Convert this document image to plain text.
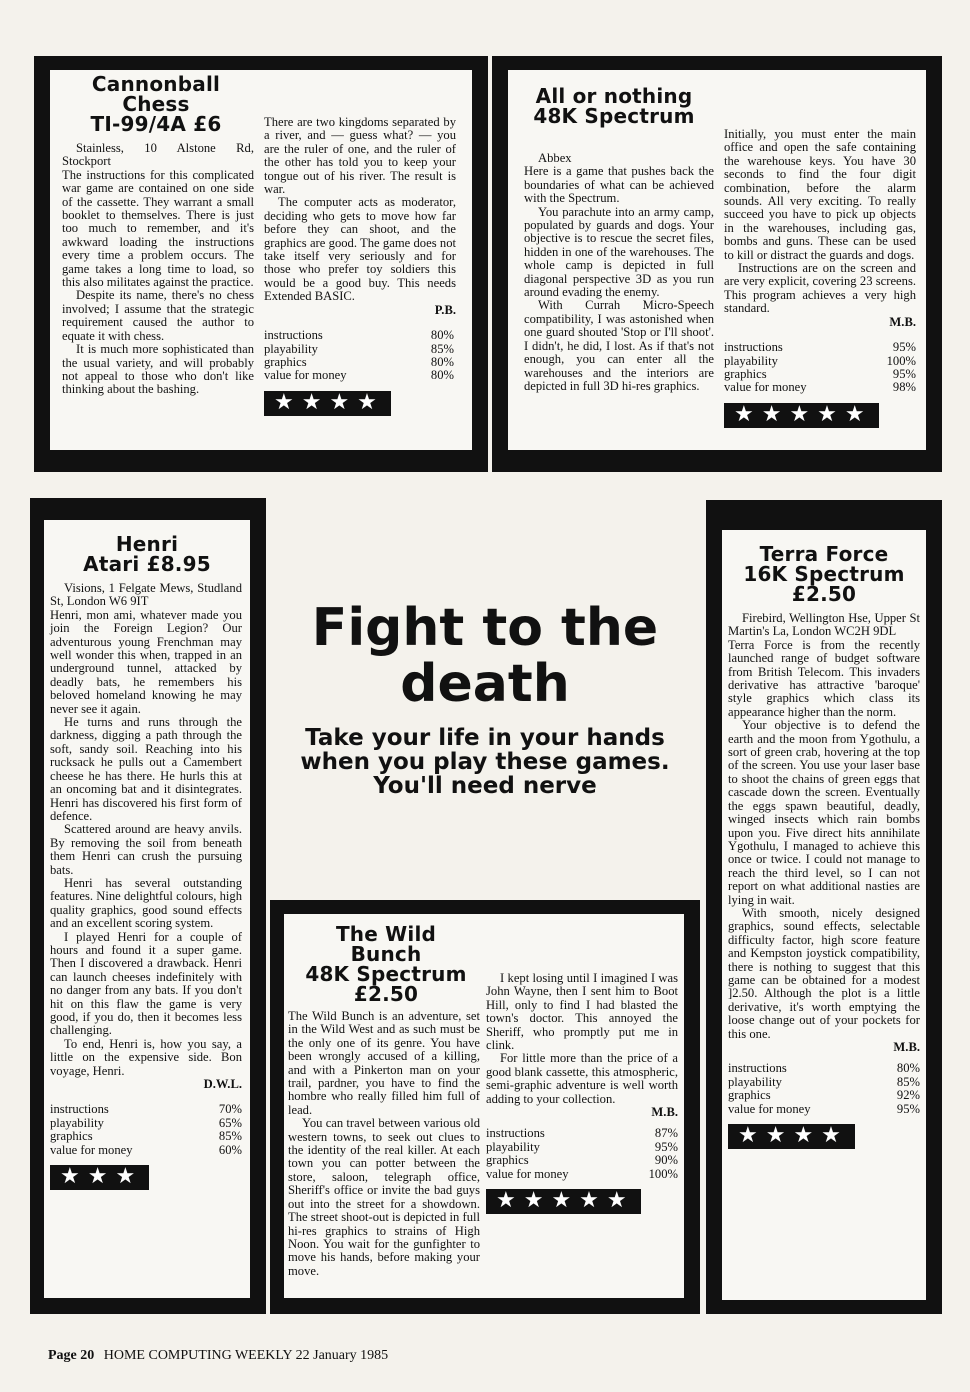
Cannonball

Chess

TI-99/4A £6

Stainless, 10 Alstone Rd, Stockport

The instructions for this complicated war game are contained on one side of the cassette. They warrant a small booklet to themselves. There is just too much to remember, and it's awkward loading the instructions every time a problem occurs. The game takes a long time to load, so this also militates against the practice.

Despite its name, there's no chess involved; I assume that the strategic requirement caused the author to equate it with chess.

It is much more sophisticated than the usual variety, and will probably not appeal to those who don't like thinking about the bashing.

There are two kingdoms separated by a river, and — guess what? — you are the ruler of one, and the ruler of the other has told you to keep your tongue out of his river. The result is war.

The computer acts as moderator, deciding who gets to move how far before they can shoot, and the graphics are good. The game does not take itself very seriously and for those who prefer toy soldiers this would be a good buy. This needs Extended BASIC.

P.B.
instructions	80%
playability	85%
graphics	80%
value for money	80%
★★★★

All or nothing

48K Spectrum

Abbex

Here is a game that pushes back the boundaries of what can be achieved with the Spectrum.

You parachute into an army camp, populated by guards and dogs. Your objective is to rescue the secret files, hidden in one of the warehouses. The whole camp is depicted in full diagonal perspective 3D as you run around evading the enemy.

With Currah Micro-Speech compatibility, I was astonished when one guard shouted 'Stop or I'll shoot'. I didn't, he did, I lost. As if that's not enough, you can enter all the warehouses and the interiors are depicted in full 3D hi-res graphics.

Initially, you must enter the main office and open the safe containing the warehouse keys. You have 30 seconds to find the four digit combination, before the alarm sounds. All very exciting. To really succeed you have to pick up objects in the warehouses, including gas, bombs and guns. These can be used to kill or distract the guards and dogs.

Instructions are on the screen and are very explicit, covering 23 screens. This program achieves a very high standard.

M.B.
instructions	95%
playability	100%
graphics	95%
value for money	98%
★★★★★

Henri

Atari £8.95

Visions, 1 Felgate Mews, Studland St, London W6 9IT

Henri, mon ami, whatever made you join the Foreign Legion? Our adventurous young Frenchman may well wonder this when, trapped in an underground tunnel, attacked by deadly bats, he remembers his beloved homeland knowing he may never see it again.

He turns and runs through the darkness, digging a path through the soft, sandy soil. Reaching into his rucksack he pulls out a Camembert cheese he has there. He hurls this at an oncoming bat and it disintegrates. Henri has discovered his first form of defence.

Scattered around are heavy anvils. By removing the soil from beneath them Henri can crush the pursuing bats.

Henri has several outstanding features. Nine delightful colours, high quality graphics, good sound effects and an excellent scoring system.

I played Henri for a couple of hours and found it a super game. Then I discovered a drawback. Henri can launch cheeses indefinitely with no danger from any bats. If you don't hit on this flaw the game is very good, if you do, then it becomes less challenging.

To end, Henri is, how you say, a little on the expensive side. Bon voyage, Henri.

D.W.L.
instructions	70%
playability	65%
graphics	85%
value for money	60%
★★★
Fight to the
death
Take your life in your hands
when you play these games.
You'll need nerve

The Wild

Bunch

48K Spectrum

£2.50

The Wild Bunch is an adventure, set in the Wild West and as such must be the only one of its genre. You have been wrongly accused of a killing, and with a Pinkerton man on your trail, pardner, you have to find the hombre who really filled him full of lead.

You can travel between various old western towns, to seek out clues to the identity of the real killer. At each town you can potter between the store, saloon, telegraph office, Sheriff's office or invite the bad guys out into the street for a showdown. The street shoot-out is depicted in full hi-res graphics to strains of High Noon. You wait for the gunfighter to move his hands, before making your move.

I kept losing until I imagined I was John Wayne, then I sent him to Boot Hill, only to find I had blasted the town's doctor. This annoyed the Sheriff, who promptly put me in clink.

For little more than the price of a good blank cassette, this atmospheric, semi-graphic adventure is well worth adding to your collection.

M.B.
instructions	87%
playability	95%
graphics	90%
value for money	100%
★★★★★

Terra Force

16K Spectrum

£2.50

Firebird, Wellington Hse, Upper St Martin's La, London WC2H 9DL

Terra Force is from the recently launched range of budget software from British Telecom. This invaders derivative has attractive 'baroque' style graphics which class its appearance higher than the norm.

Your objective is to defend the earth and the moon from Ygothulu, a sort of green crab, hovering at the top of the screen. You use your laser base to shoot the chains of green eggs that cascade down the screen. Eventually the eggs spawn beautiful, deadly, winged insects which rain bombs upon you. Five direct hits annihilate Ygothulu, I managed to achieve this once or twice. I could not manage to reach the third level, so I can not report on what additional nasties are lying in wait.

With smooth, nicely designed graphics, sound effects, selectable difficulty factor, high score feature and Kempston joystick compatibility, there is nothing to suggest that this game can be obtained for a modest ]2.50. Although the plot is a little derivative, it's worth emptying the loose change out of your pockets for this one.

M.B.
instructions	80%
playability	85%
graphics	92%
value for money	95%
★★★★
Page 20 HOME COMPUTING WEEKLY 22 January 1985
